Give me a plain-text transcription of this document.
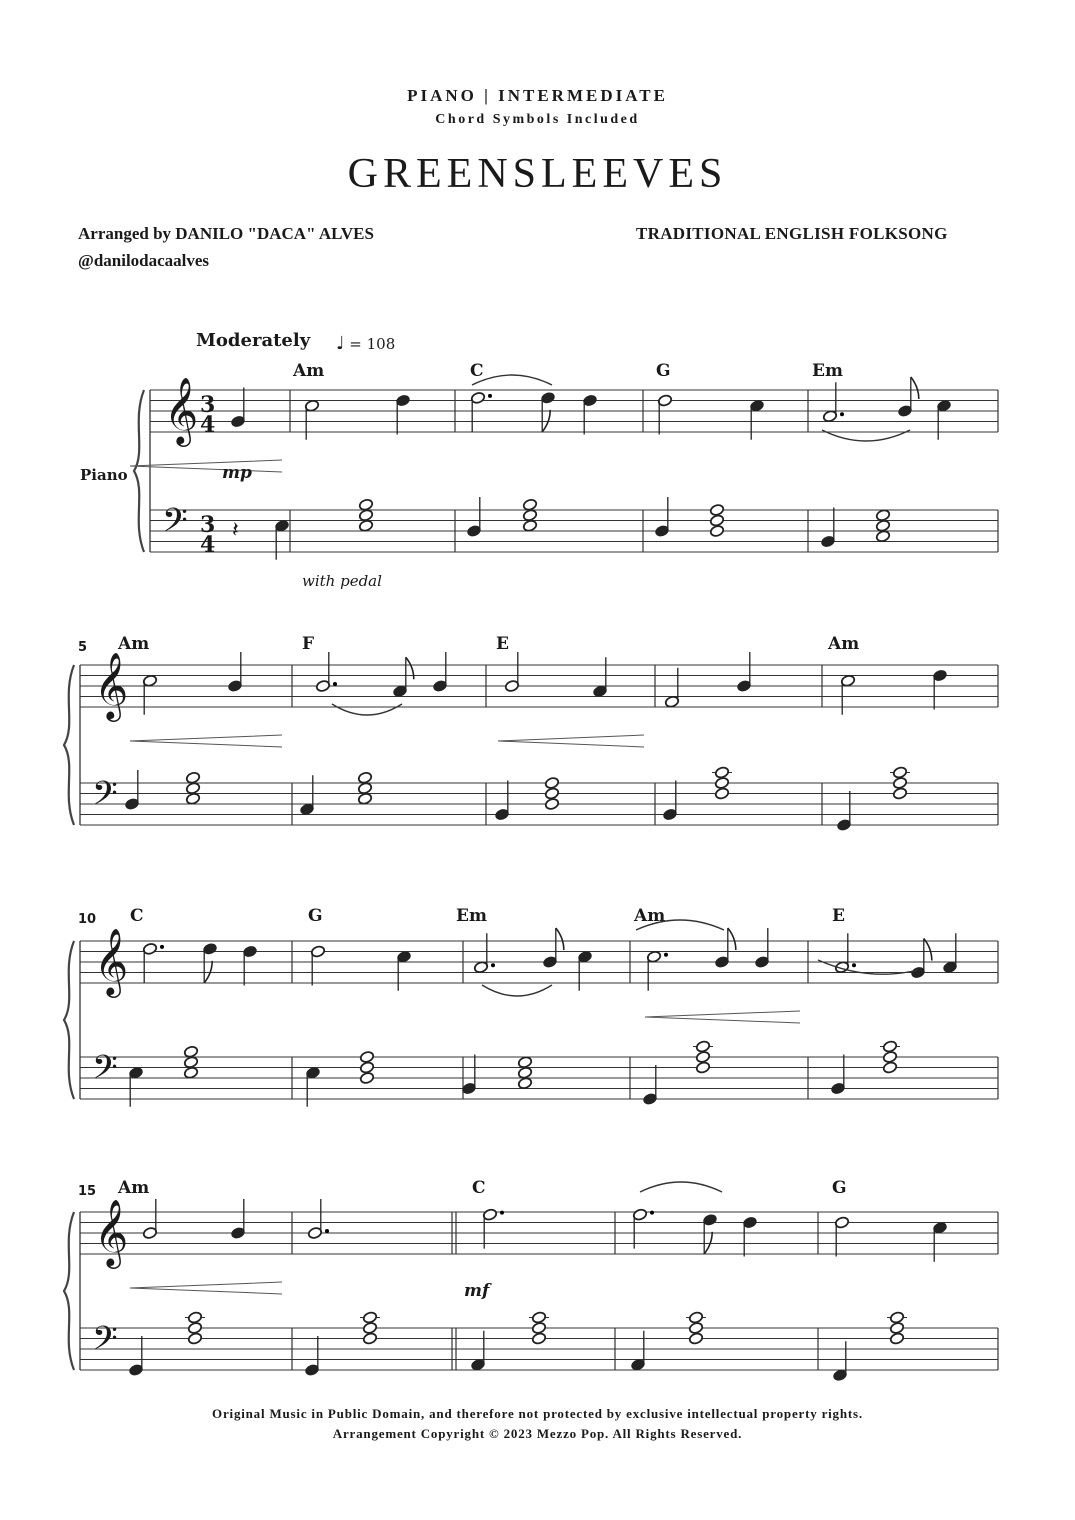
PIANO | INTERMEDIATE
Chord Symbols Included
GREENSLEEVES
Arranged by DANILO "DACA" ALVES
@danilodacaalves
TRADITIONAL ENGLISH FOLKSONG
Moderately ♩ = 108
𝄞
𝄢
Am	C	G	Em
𝄞
𝄢
Am	F	E	Am
5
𝄞
𝄢
C	G	Em	Am	E
10
𝄞
𝄢
Am	C	G
15
3
4
3
4
𝄽
Piano	mp
with pedal
mf
Original Music in Public Domain, and therefore not protected by exclusive intellectual property rights.
Arrangement Copyright © 2023 Mezzo Pop. All Rights Reserved.
